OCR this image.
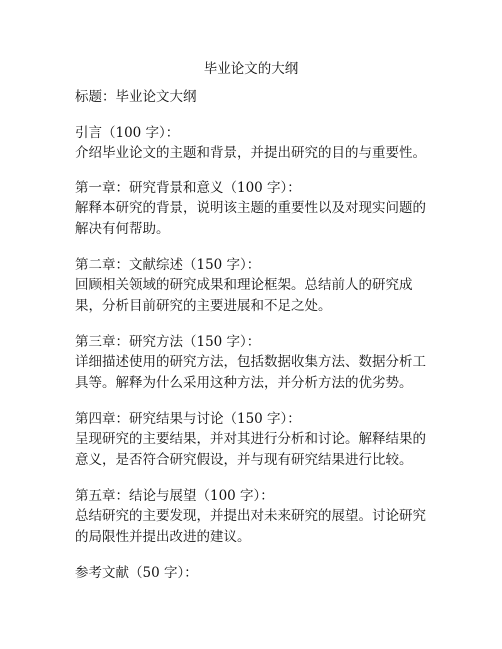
毕业论文的大纲
标题：毕业论文大纲
引言（100 字）：
介绍毕业论文的主题和背景，并提出研究的目的与重要性。
第一章：研究背景和意义（100 字）：
解释本研究的背景，说明该主题的重要性以及对现实问题的解决有何帮助。
第二章：文献综述（150 字）：
回顾相关领域的研究成果和理论框架。总结前人的研究成果，分析目前研究的主要进展和不足之处。
第三章：研究方法（150 字）：
详细描述使用的研究方法，包括数据收集方法、数据分析工具等。解释为什么采用这种方法，并分析方法的优劣势。
第四章：研究结果与讨论（150 字）：
呈现研究的主要结果，并对其进行分析和讨论。解释结果的意义，是否符合研究假设，并与现有研究结果进行比较。
第五章：结论与展望（100 字）：
总结研究的主要发现，并提出对未来研究的展望。讨论研究的局限性并提出改进的建议。
参考文献（50 字）：
